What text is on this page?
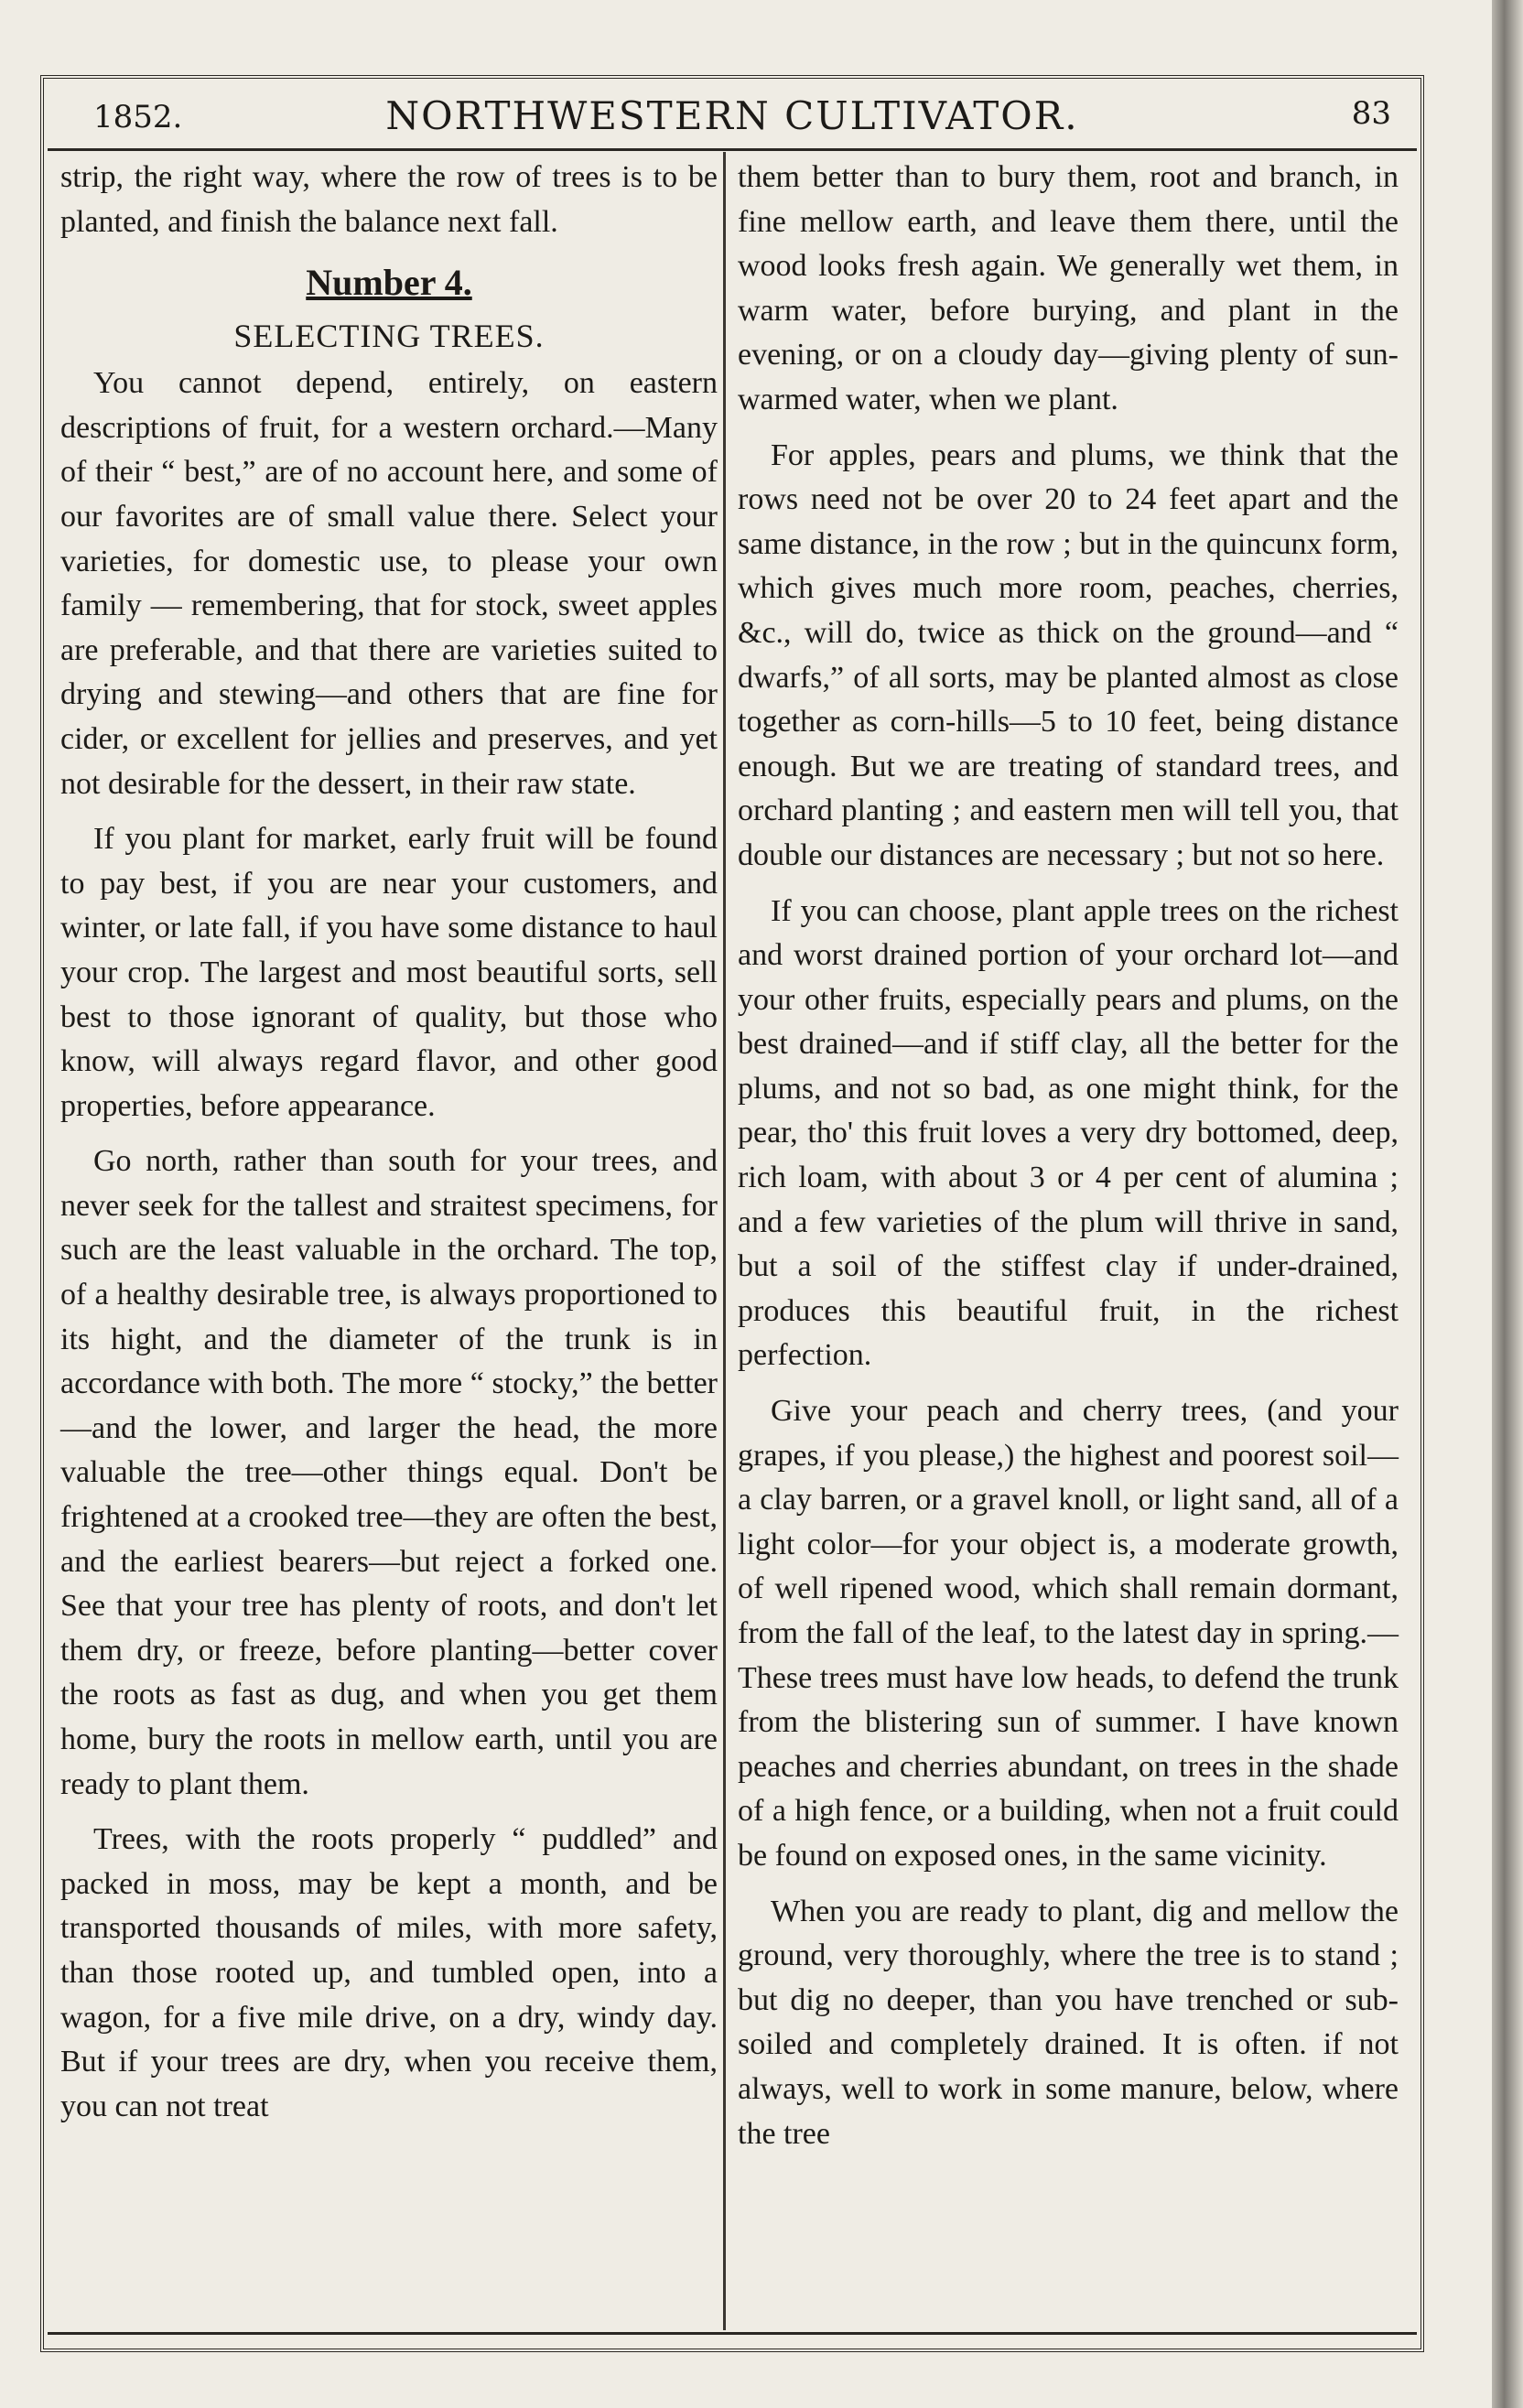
1852.	NORTHWESTERN CULTIVATOR.	83

strip, the right way, where the row of trees is to be planted, and finish the balance next fall.

Number 4.
SELECTING TREES.

You cannot depend, entirely, on eastern descriptions of fruit, for a western orchard.—Many of their “ best,” are of no account here, and some of our favorites are of small value there. Select your varieties, for domestic use, to please your own family — remembering, that for stock, sweet apples are preferable, and that there are varieties suited to drying and stewing—and others that are fine for cider, or excellent for jellies and preserves, and yet not desirable for the dessert, in their raw state.

If you plant for market, early fruit will be found to pay best, if you are near your customers, and winter, or late fall, if you have some distance to haul your crop. The largest and most beautiful sorts, sell best to those ignorant of quality, but those who know, will always regard flavor, and other good properties, before appearance.

Go north, rather than south for your trees, and never seek for the tallest and straitest specimens, for such are the least valuable in the orchard. The top, of a healthy desirable tree, is always proportioned to its hight, and the diameter of the trunk is in accordance with both. The more “ stocky,” the better—and the lower, and larger the head, the more valuable the tree—other things equal. Don't be frightened at a crooked tree—they are often the best, and the earliest bearers—but reject a forked one. See that your tree has plenty of roots, and don't let them dry, or freeze, before planting—better cover the roots as fast as dug, and when you get them home, bury the roots in mellow earth, until you are ready to plant them.

Trees, with the roots properly “ puddled” and packed in moss, may be kept a month, and be transported thousands of miles, with more safety, than those rooted up, and tumbled open, into a wagon, for a five mile drive, on a dry, windy day. But if your trees are dry, when you receive them, you can not treat

them better than to bury them, root and branch, in fine mellow earth, and leave them there, until the wood looks fresh again. We generally wet them, in warm water, before burying, and plant in the evening, or on a cloudy day—giving plenty of sun-warmed water, when we plant.

For apples, pears and plums, we think that the rows need not be over 20 to 24 feet apart and the same distance, in the row ; but in the quincunx form, which gives much more room, peaches, cherries, &c., will do, twice as thick on the ground—and “ dwarfs,” of all sorts, may be planted almost as close together as corn-hills—5 to 10 feet, being distance enough. But we are treating of standard trees, and orchard planting ; and eastern men will tell you, that double our distances are necessary ; but not so here.

If you can choose, plant apple trees on the richest and worst drained portion of your orchard lot—and your other fruits, especially pears and plums, on the best drained—and if stiff clay, all the better for the plums, and not so bad, as one might think, for the pear, tho' this fruit loves a very dry bottomed, deep, rich loam, with about 3 or 4 per cent of alumina ; and a few varieties of the plum will thrive in sand, but a soil of the stiffest clay if under-drained, produces this beautiful fruit, in the richest perfection.

Give your peach and cherry trees, (and your grapes, if you please,) the highest and poorest soil—a clay barren, or a gravel knoll, or light sand, all of a light color—for your object is, a moderate growth, of well ripened wood, which shall remain dormant, from the fall of the leaf, to the latest day in spring.—These trees must have low heads, to defend the trunk from the blistering sun of summer. I have known peaches and cherries abundant, on trees in the shade of a high fence, or a building, when not a fruit could be found on exposed ones, in the same vicinity.

When you are ready to plant, dig and mellow the ground, very thoroughly, where the tree is to stand ; but dig no deeper, than you have trenched or sub-soiled and completely drained. It is often. if not always, well to work in some manure, below, where the tree
